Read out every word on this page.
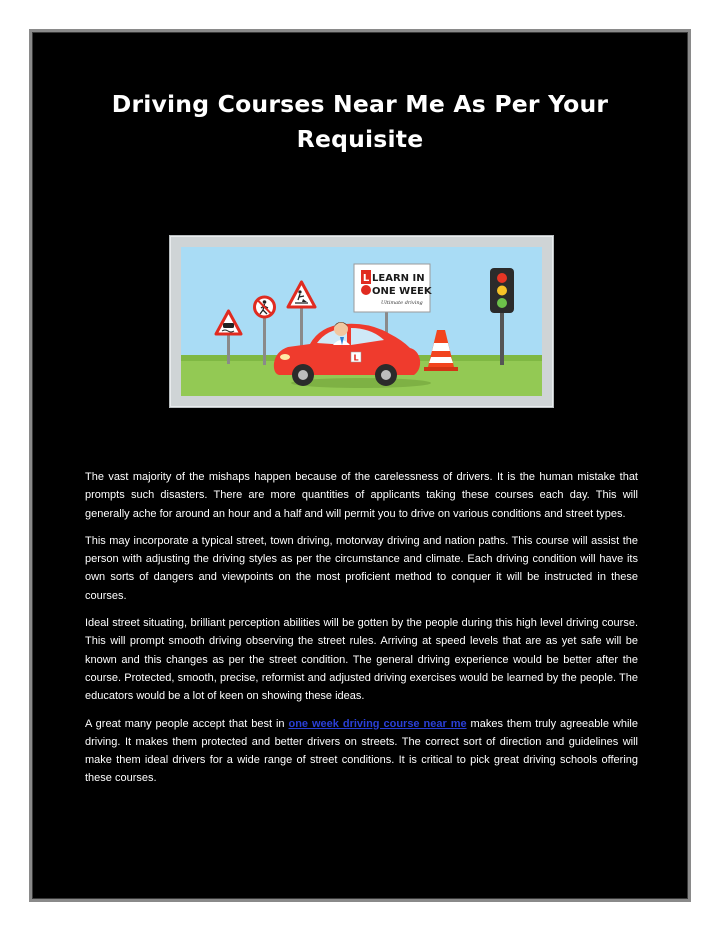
Driving Courses Near Me As Per Your Requisite
L LEARN IN
ONE WEEK
Ultimate driving
L

The vast majority of the mishaps happen because of the carelessness of drivers. It is the human mistake that prompts such disasters. There are more quantities of applicants taking these courses each day. This will generally ache for around an hour and a half and will permit you to drive on various conditions and street types.

This may incorporate a typical street, town driving, motorway driving and nation paths. This course will assist the person with adjusting the driving styles as per the circumstance and climate. Each driving condition will have its own sorts of dangers and viewpoints on the most proficient method to conquer it will be instructed in these courses.

Ideal street situating, brilliant perception abilities will be gotten by the people during this high level driving course. This will prompt smooth driving observing the street rules. Arriving at speed levels that are as yet safe will be known and this changes as per the street condition. The general driving experience would be better after the course. Protected, smooth, precise, reformist and adjusted driving exercises would be learned by the people. The educators would be a lot of keen on showing these ideas.

A great many people accept that best in one week driving course near me makes them truly agreeable while driving. It makes them protected and better drivers on streets. The correct sort of direction and guidelines will make them ideal drivers for a wide range of street conditions. It is critical to pick great driving schools offering these courses.
